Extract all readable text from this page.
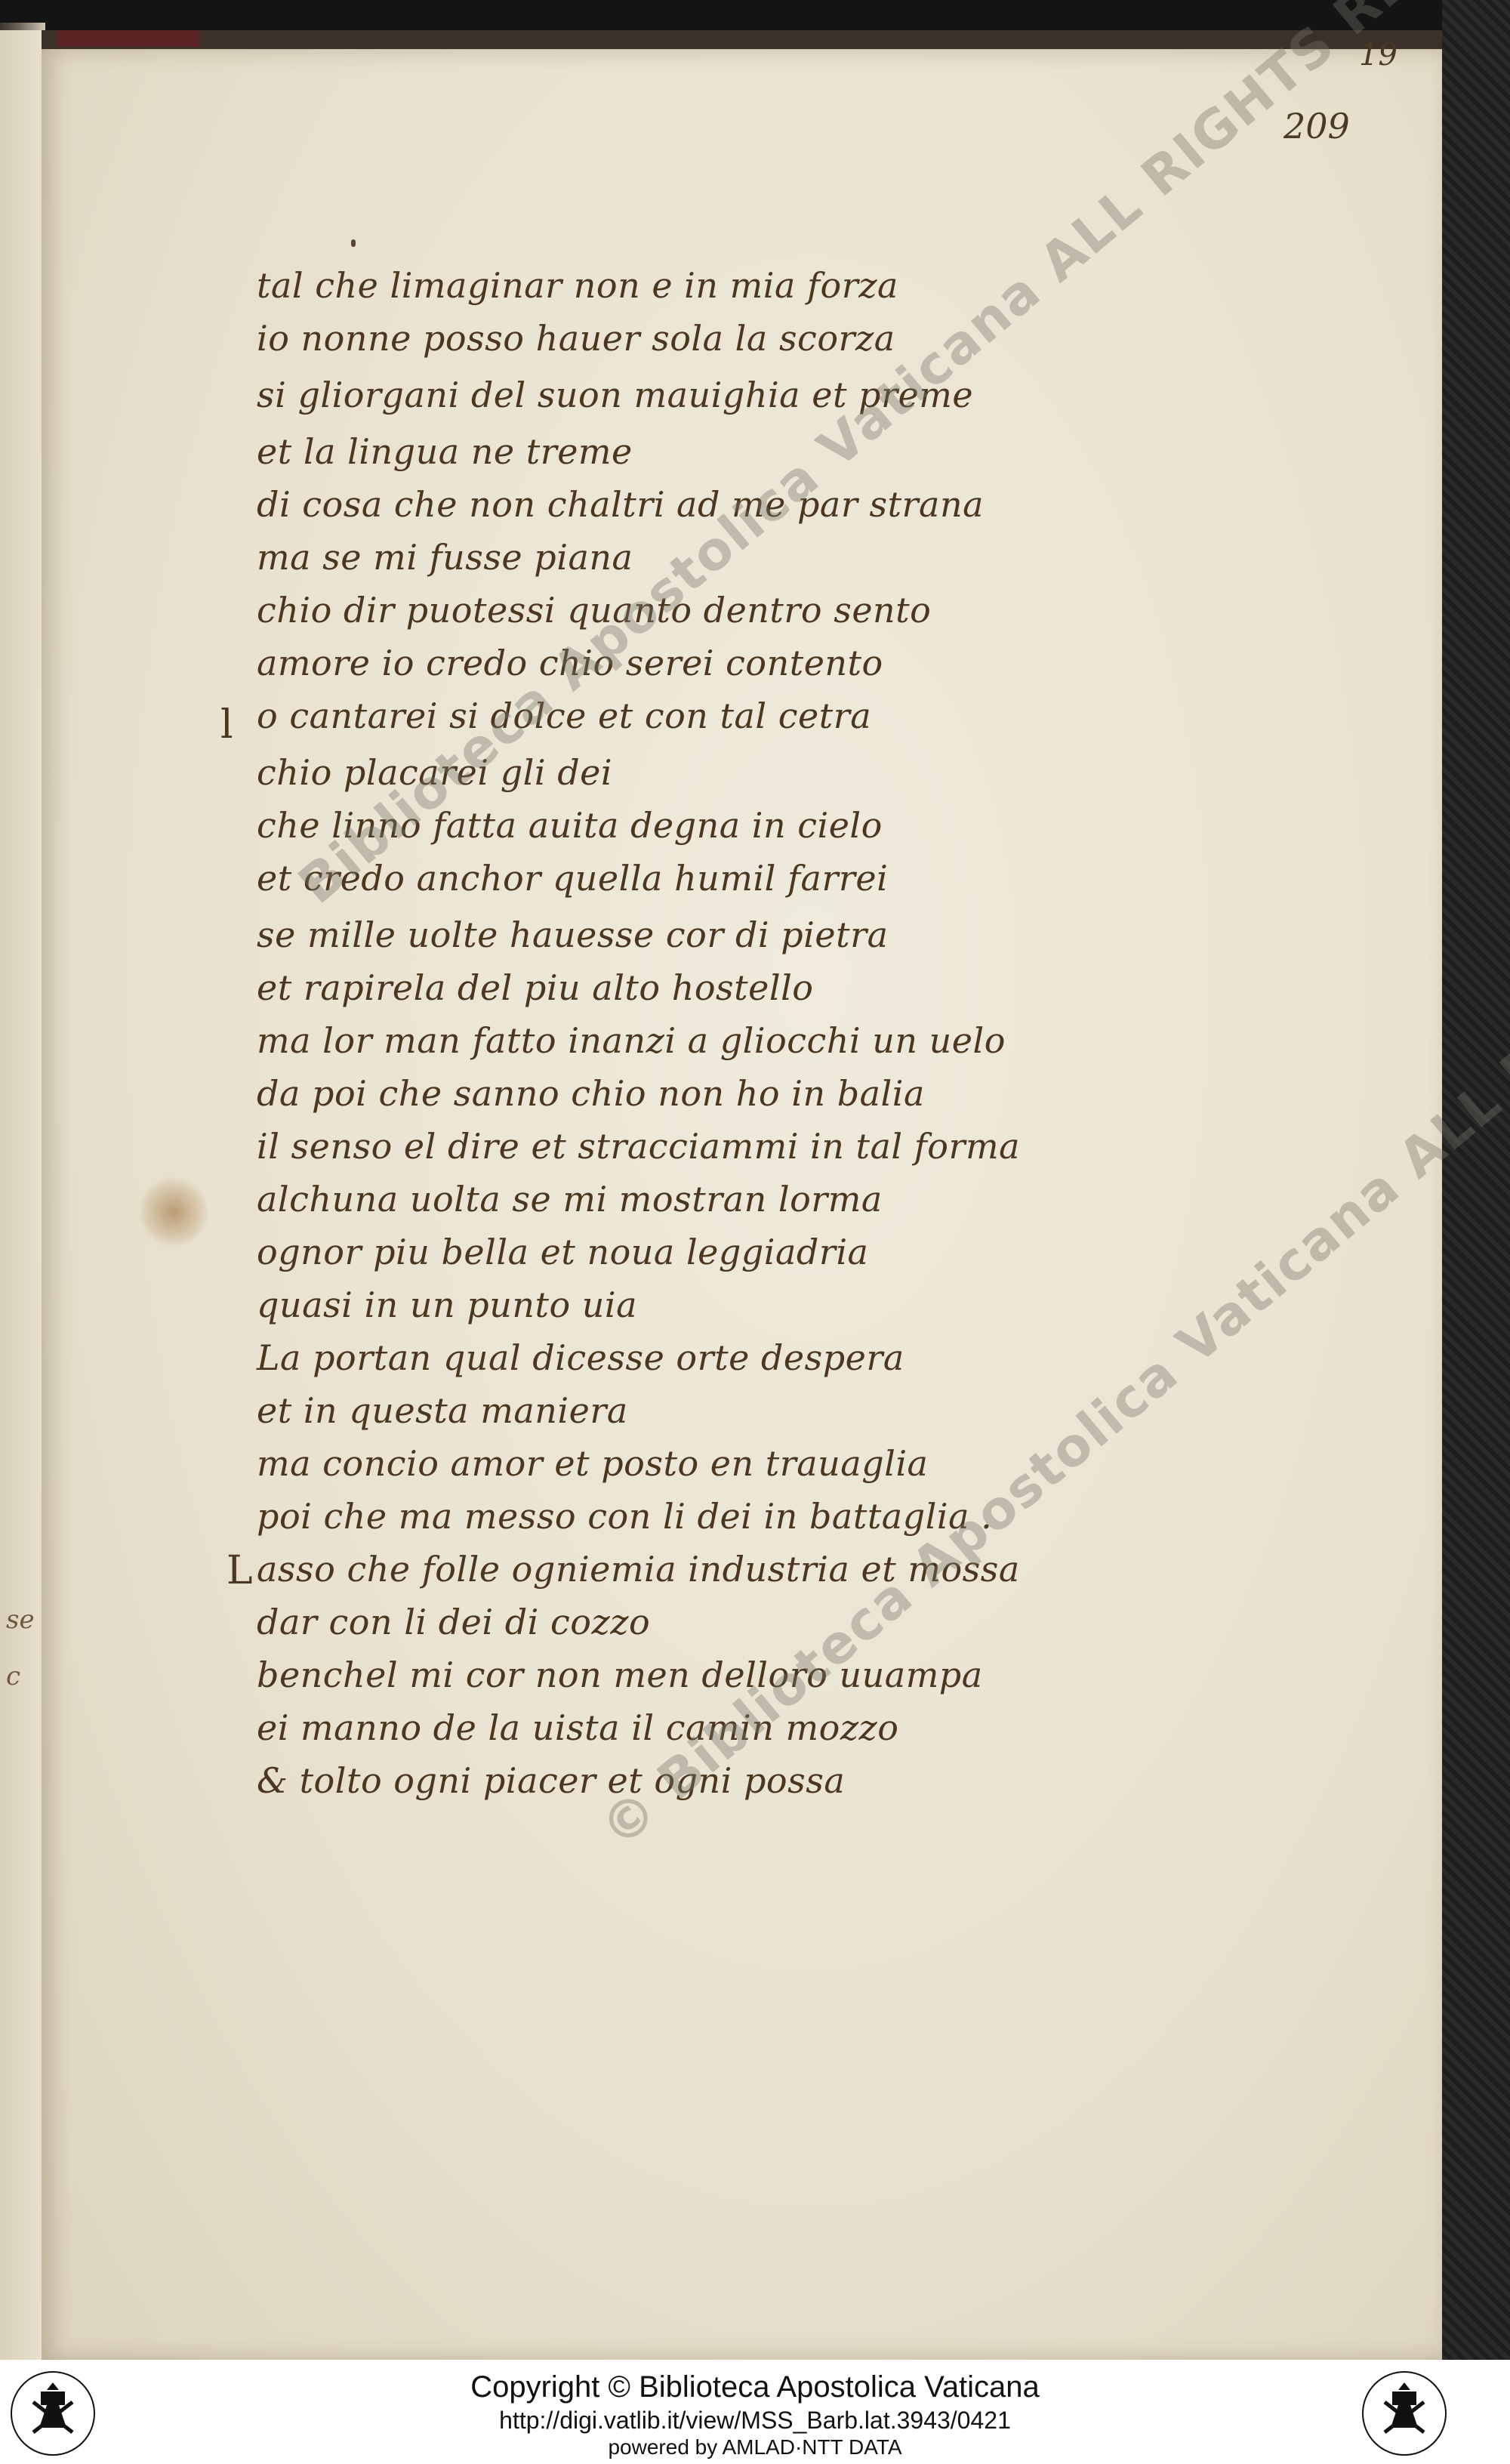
se
c
19
209
l
L
tal che limaginar non e in mia forza
io nonne posso hauer sola la scorza
si gliorgani del suon mauighia et preme
et la lingua ne treme
di cosa che non chaltri ad me par strana
ma se mi fusse piana
chio dir puotessi quanto dentro sento
amore io credo chio serei contento
o cantarei si dolce et con tal cetra
chio placarei gli dei
che linno fatta auita degna in cielo
et credo anchor quella humil farrei
se mille uolte hauesse cor di pietra
et rapirela del piu alto hostello
ma lor man fatto inanzi a gliocchi un uelo
da poi che sanno chio non ho in balia
il senso el dire et stracciammi in tal forma
alchuna uolta se mi mostran lorma
ognor piu bella et noua leggiadria
quasi in un punto uia
La portan qual dicesse orte despera
et in questa maniera
ma concio amor et posto en trauaglia
poi che ma messo con li dei in battaglia .
asso che folle ogniemia industria et mossa
dar con li dei di cozzo
benchel mi cor non men delloro uuampa
ei manno de la uista il camin mozzo
& tolto ogni piacer et ogni possa
Biblioteca Apostolica Vaticana ALL RIGHTS
© Biblioteca Apostolica Vaticana ALL
Copyright © Biblioteca Apostolica Vaticana
http://digi.vatlib.it/view/MSS_Barb.lat.3943/0421
powered by AMLAD·NTT DATA
